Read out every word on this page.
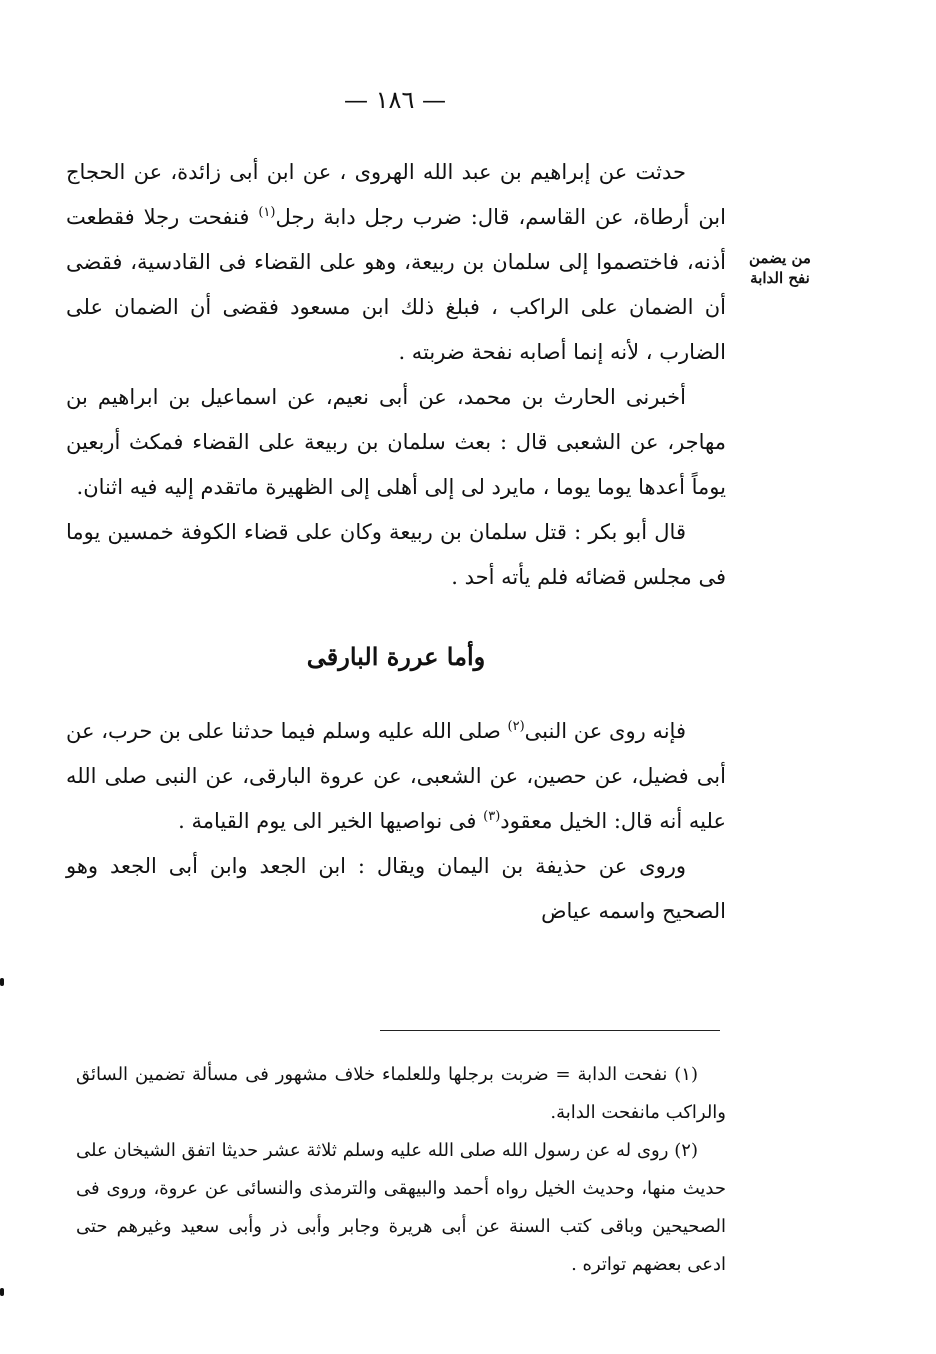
— ١٨٦ —
من يضمن
نفح الدابة

حدثت عن إبراهيم بن عبد الله الهروى ، عن ابن أبى زائدة، عن الحجاج ابن أرطاة، عن القاسم، قال: ضرب رجل دابة رجل$^{(١)}$ فنفحت رجلا فقطعت أذنه، فاختصموا إلى سلمان بن ربيعة، وهو على القضاء فى القادسية، فقضى أن الضمان على الراكب ، فبلغ ذلك ابن مسعود فقضى أن الضمان على الضارب ، لأنه إنما أصابه نفحة ضربته .

أخبرنى الحارث بن محمد، عن أبى نعيم، عن اسماعيل بن ابراهيم بن مهاجر، عن الشعبى قال : بعث سلمان بن ربيعة على القضاء فمكث أربعين يوماً أعدها يوما يوما ، مايرد لى إلى أهلى إلى الظهيرة ماتقدم إليه فيه اثنان.

قال أبو بكر : قتل سلمان بن ربيعة وكان على قضاء الكوفة خمسين يوما فى مجلس قضائه فلم يأته أحد .

وأما عررة البارقى

فإنه روى عن النبى$^{(٢)}$ صلى الله عليه وسلم فيما حدثنا على بن حرب، عن أبى فضيل، عن حصين، عن الشعبى، عن عروة البارقى، عن النبى صلى الله عليه أنه قال: الخيل معقود$^{(٣)}$ فى نواصيها الخير الى يوم القيامة .

وروى عن حذيفة بن اليمان ويقال : ابن الجعد وابن أبى الجعد وهو الصحيح واسمه عياض

(١) نفحت الدابة = ضربت برجلها وللعلماء خلاف مشهور فى مسألة تضمين السائق والراكب مانفحت الدابة.

(٢) روى له عن رسول الله صلى الله عليه وسلم ثلاثة عشر حديثا اتفق الشيخان على حديث منها، وحديث الخيل رواه أحمد والبيهقى والترمذى والنسائى عن عروة، وروى فى الصحيحين وباقى كتب السنة عن أبى هريرة وجابر وأبى ذر وأبى سعيد وغيرهم حتى ادعى بعضهم تواتره .
